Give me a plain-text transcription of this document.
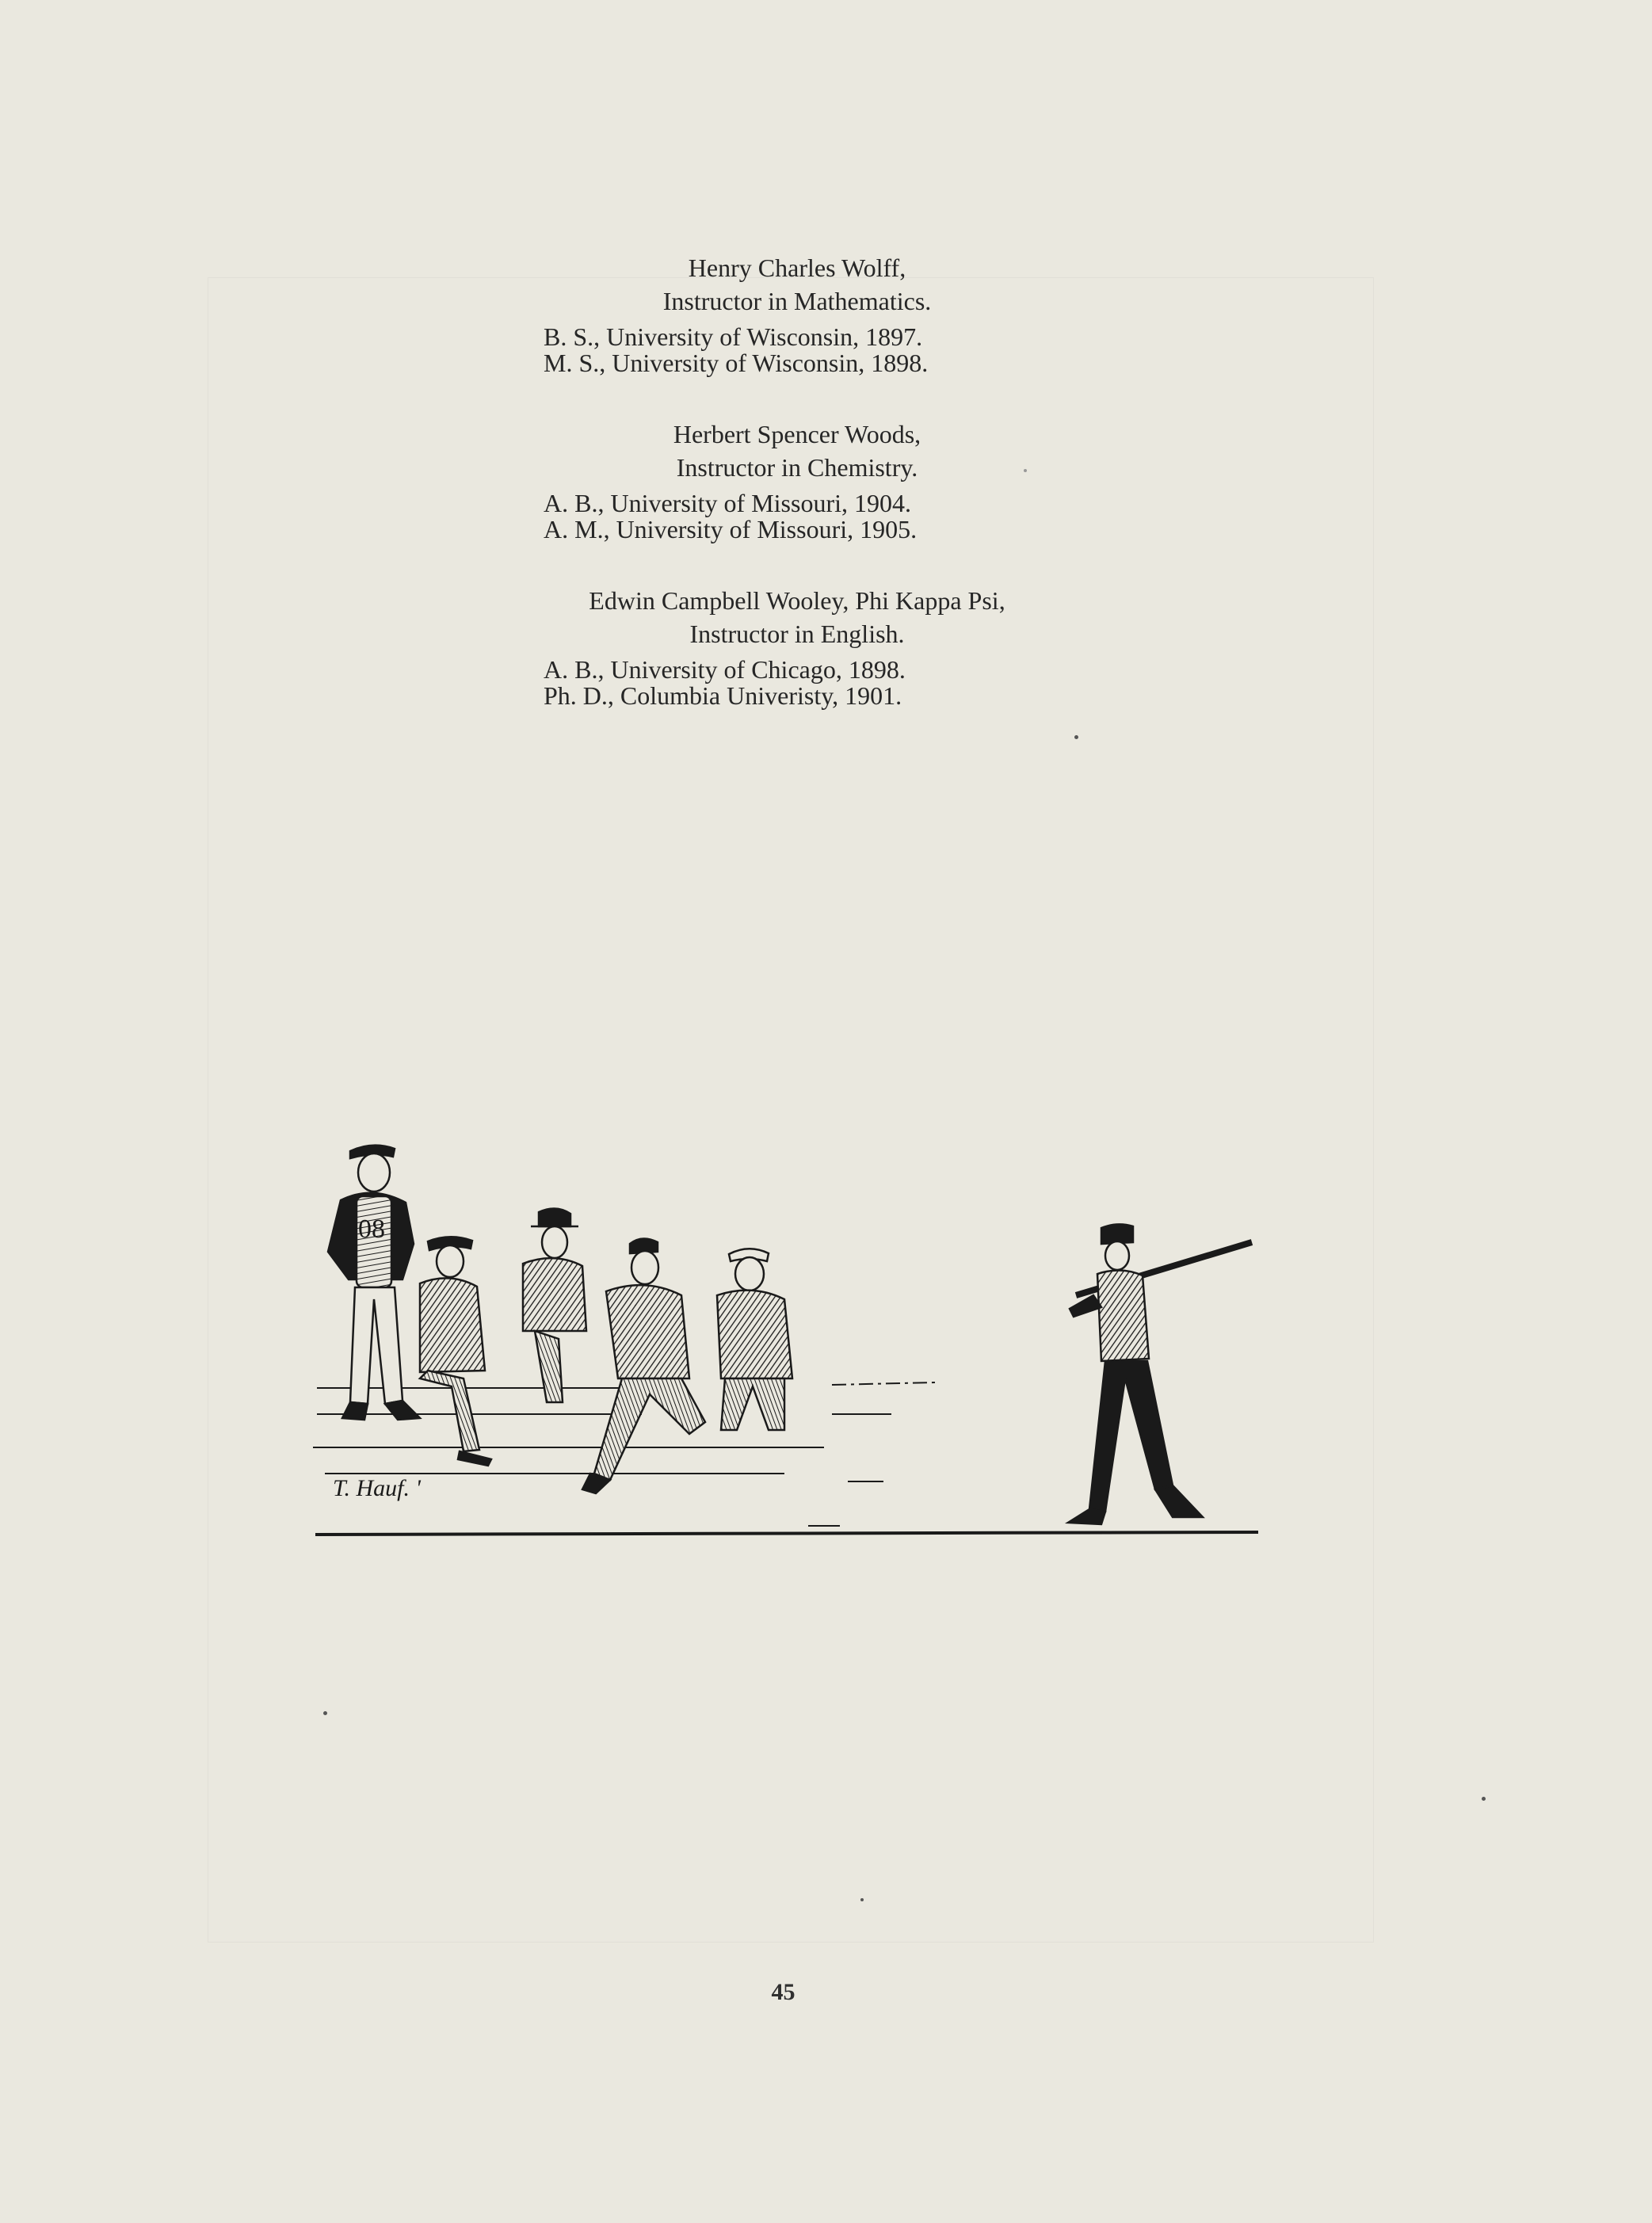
Henry Charles Wolff,
Instructor in Mathematics.
B. S., University of Wisconsin, 1897.
M. S., University of Wisconsin, 1898.
Herbert Spencer Woods,
Instructor in Chemistry.
A. B., University of Missouri, 1904.
A. M., University of Missouri, 1905.
Edwin Campbell Wooley, Phi Kappa Psi,
Instructor in English.
A. B., University of Chicago, 1898.
Ph. D., Columbia Univeristy, 1901.
08
T. Hauf. '
45
